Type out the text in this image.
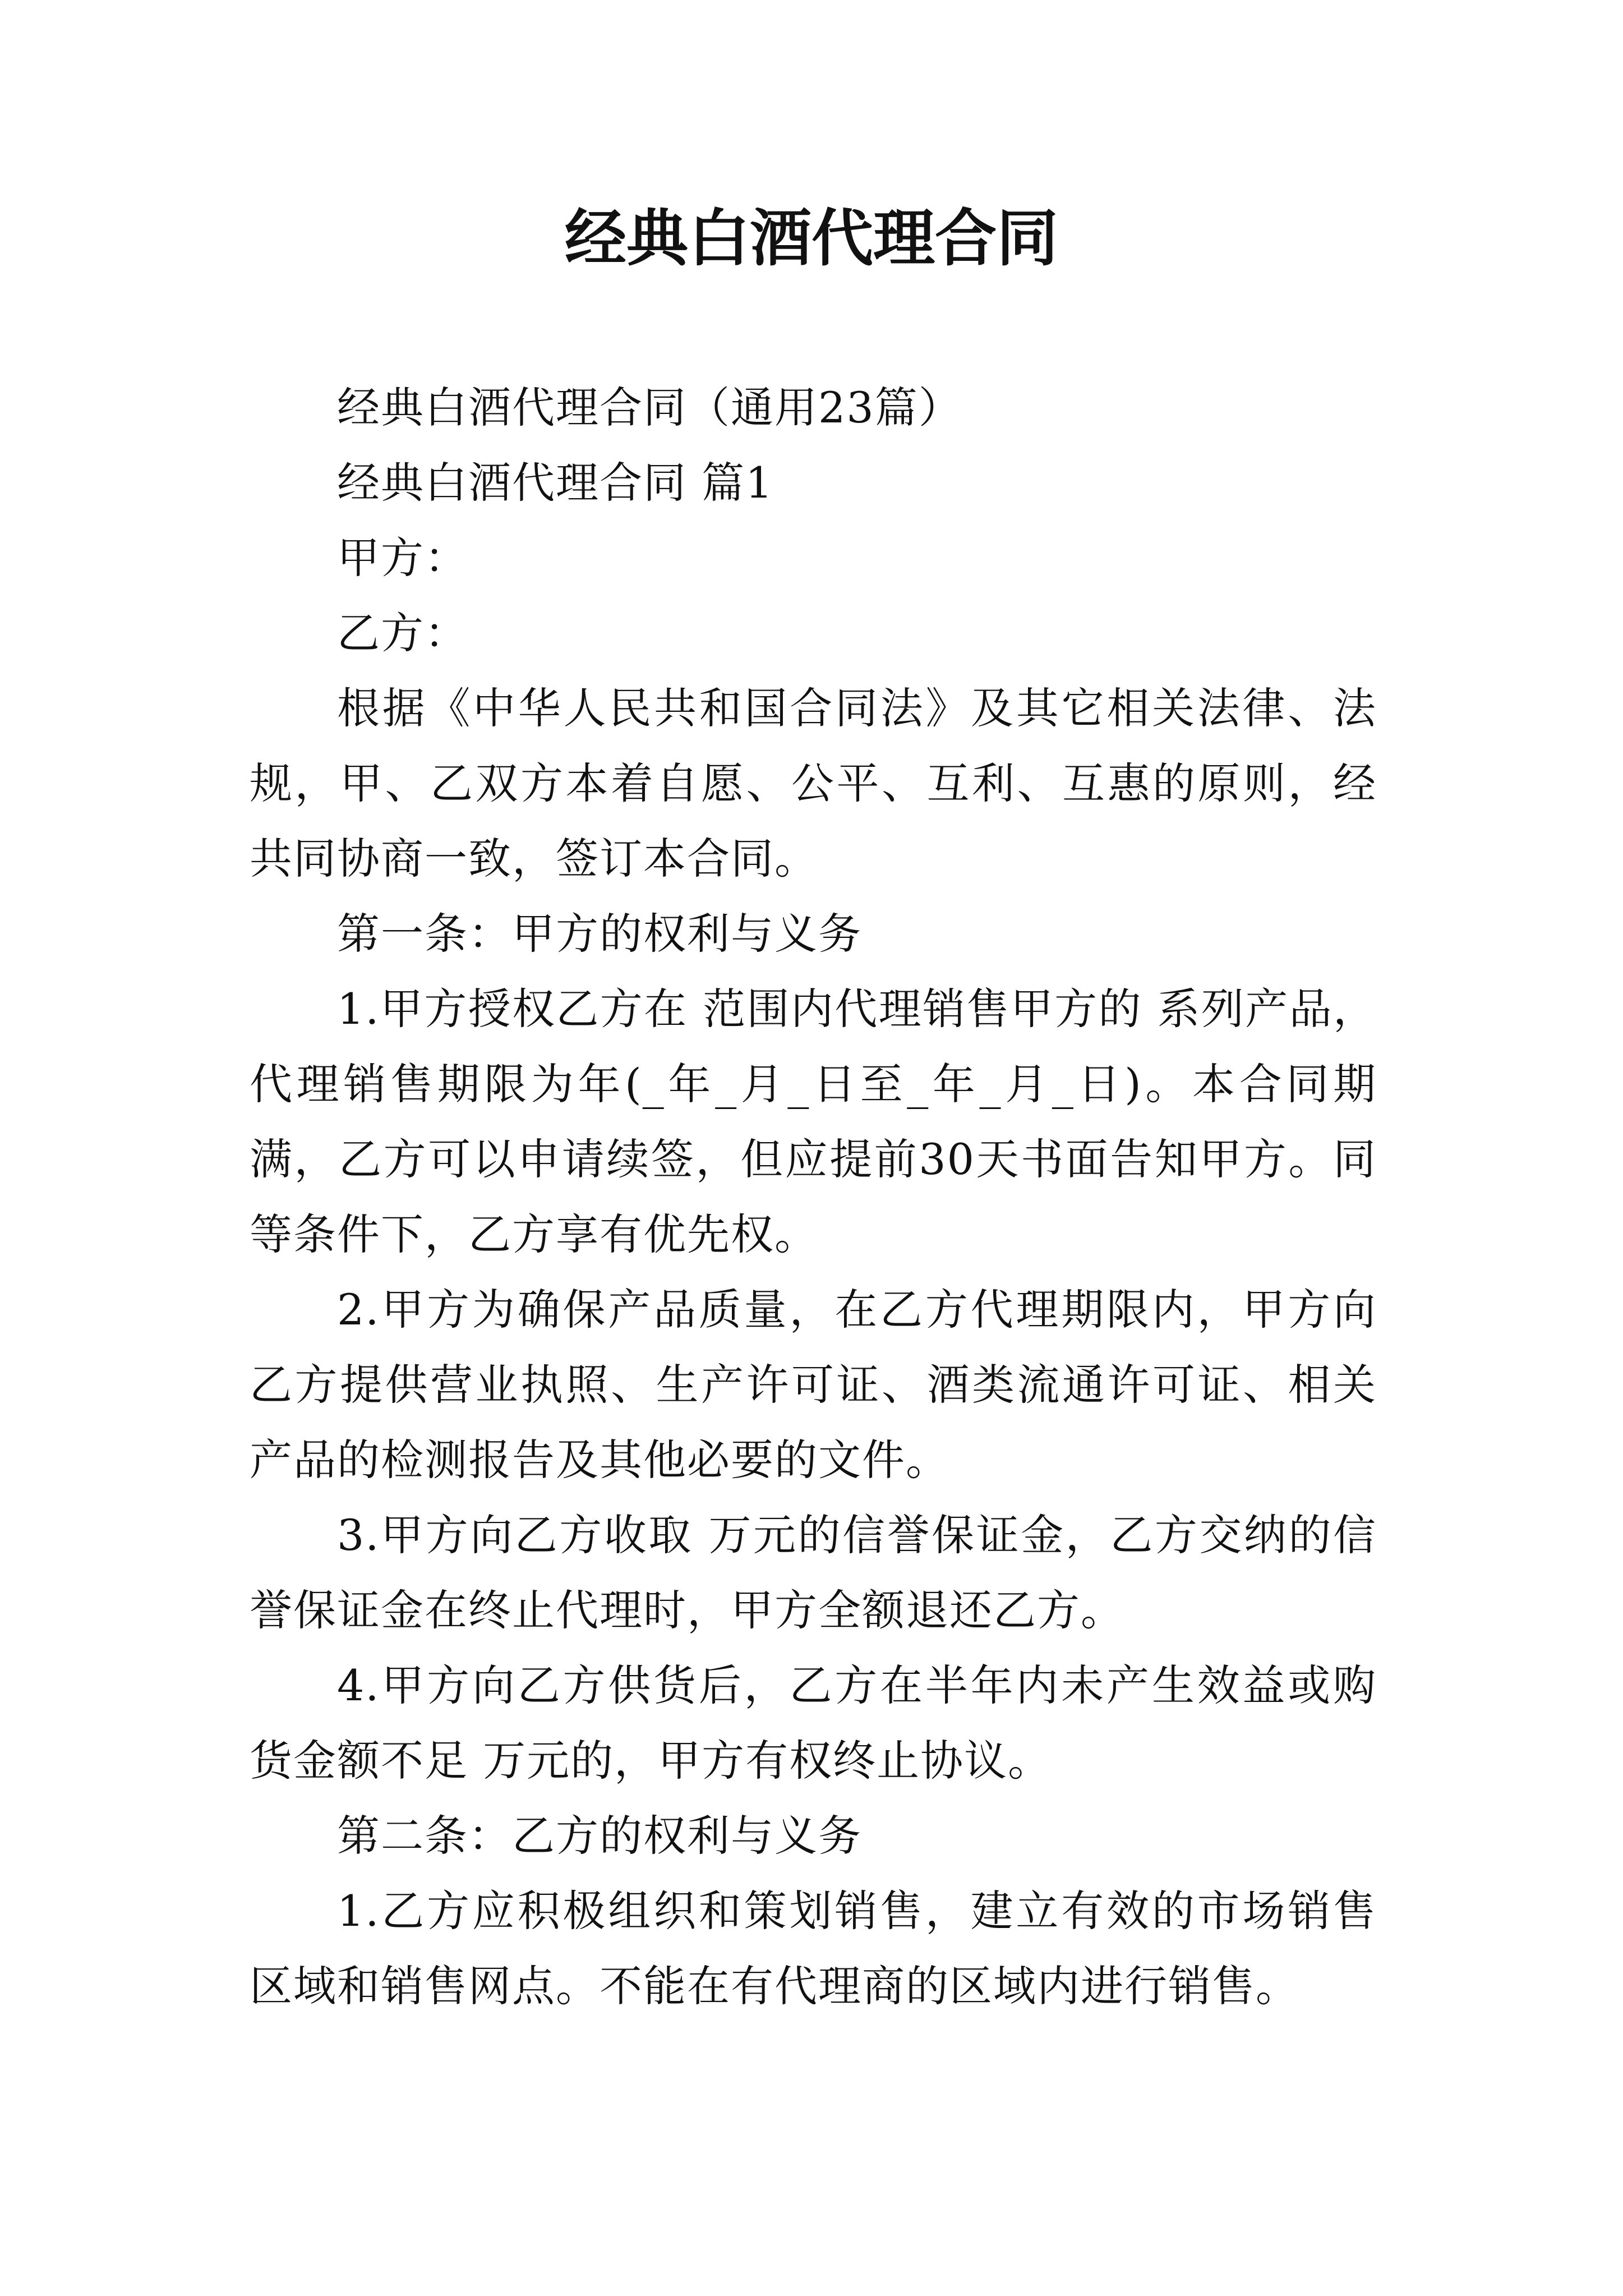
经典白酒代理合同

经典白酒代理合同（通用23篇）

经典白酒代理合同 篇1

甲方：

乙方：

根据《中华人民共和国合同法》及其它相关法律、法规，甲、乙双方本着自愿、公平、互利、互惠的原则，经共同协商一致，签订本合同。

第一条：甲方的权利与义务

1.甲方授权乙方在 范围内代理销售甲方的 系列产品，代理销售期限为年(_年_月_日至_年_月_日)。本合同期满，乙方可以申请续签，但应提前30天书面告知甲方。同等条件下，乙方享有优先权。

2.甲方为确保产品质量，在乙方代理期限内，甲方向乙方提供营业执照、生产许可证、酒类流通许可证、相关产品的检测报告及其他必要的文件。

3.甲方向乙方收取 万元的信誉保证金，乙方交纳的信誉保证金在终止代理时，甲方全额退还乙方。

4.甲方向乙方供货后，乙方在半年内未产生效益或购货金额不足 万元的，甲方有权终止协议。

第二条：乙方的权利与义务

1.乙方应积极组织和策划销售，建立有效的市场销售区域和销售网点。不能在有代理商的区域内进行销售。
